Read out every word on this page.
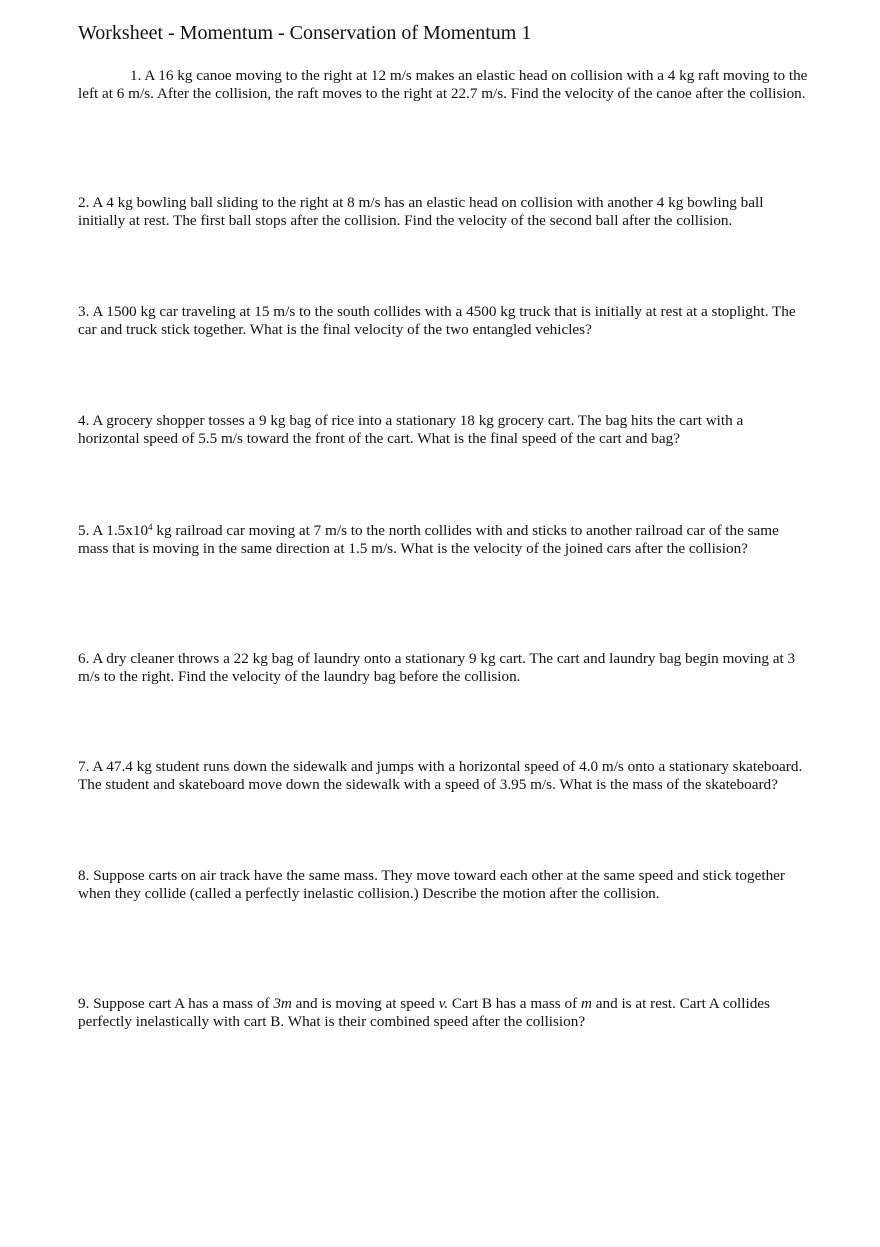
Worksheet - Momentum - Conservation of Momentum 1

1. A 16 kg canoe moving to the right at 12 m/s makes an elastic head on collision with a 4 kg raft moving to the left at 6 m/s. After the collision, the raft moves to the right at 22.7 m/s. Find the velocity of the canoe after the collision.

2. A 4 kg bowling ball sliding to the right at 8 m/s has an elastic head on collision with another 4 kg bowling ball initially at rest. The first ball stops after the collision. Find the velocity of the second ball after the collision.

3. A 1500 kg car traveling at 15 m/s to the south collides with a 4500 kg truck that is initially at rest at a stoplight. The car and truck stick together. What is the final velocity of the two entangled vehicles?

4. A grocery shopper tosses a 9 kg bag of rice into a stationary 18 kg grocery cart. The bag hits the cart with a horizontal speed of 5.5 m/s toward the front of the cart. What is the final speed of the cart and bag?

5. A $1.5x10^4$ kg railroad car moving at 7 m/s to the north collides with and sticks to another railroad car of the same mass that is moving in the same direction at 1.5 m/s. What is the velocity of the joined cars after the collision?

6. A dry cleaner throws a 22 kg bag of laundry onto a stationary 9 kg cart. The cart and laundry bag begin moving at 3 m/s to the right. Find the velocity of the laundry bag before the collision.

7. A 47.4 kg student runs down the sidewalk and jumps with a horizontal speed of 4.0 m/s onto a stationary skateboard. The student and skateboard move down the sidewalk with a speed of 3.95 m/s. What is the mass of the skateboard?

8. Suppose carts on air track have the same mass. They move toward each other at the same speed and stick together when they collide (called a perfectly inelastic collision.) Describe the motion after the collision.

9. Suppose cart A has a mass of 3m and is moving at speed v. Cart B has a mass of m and is at rest. Cart A collides perfectly inelastically with cart B. What is their combined speed after the collision?
